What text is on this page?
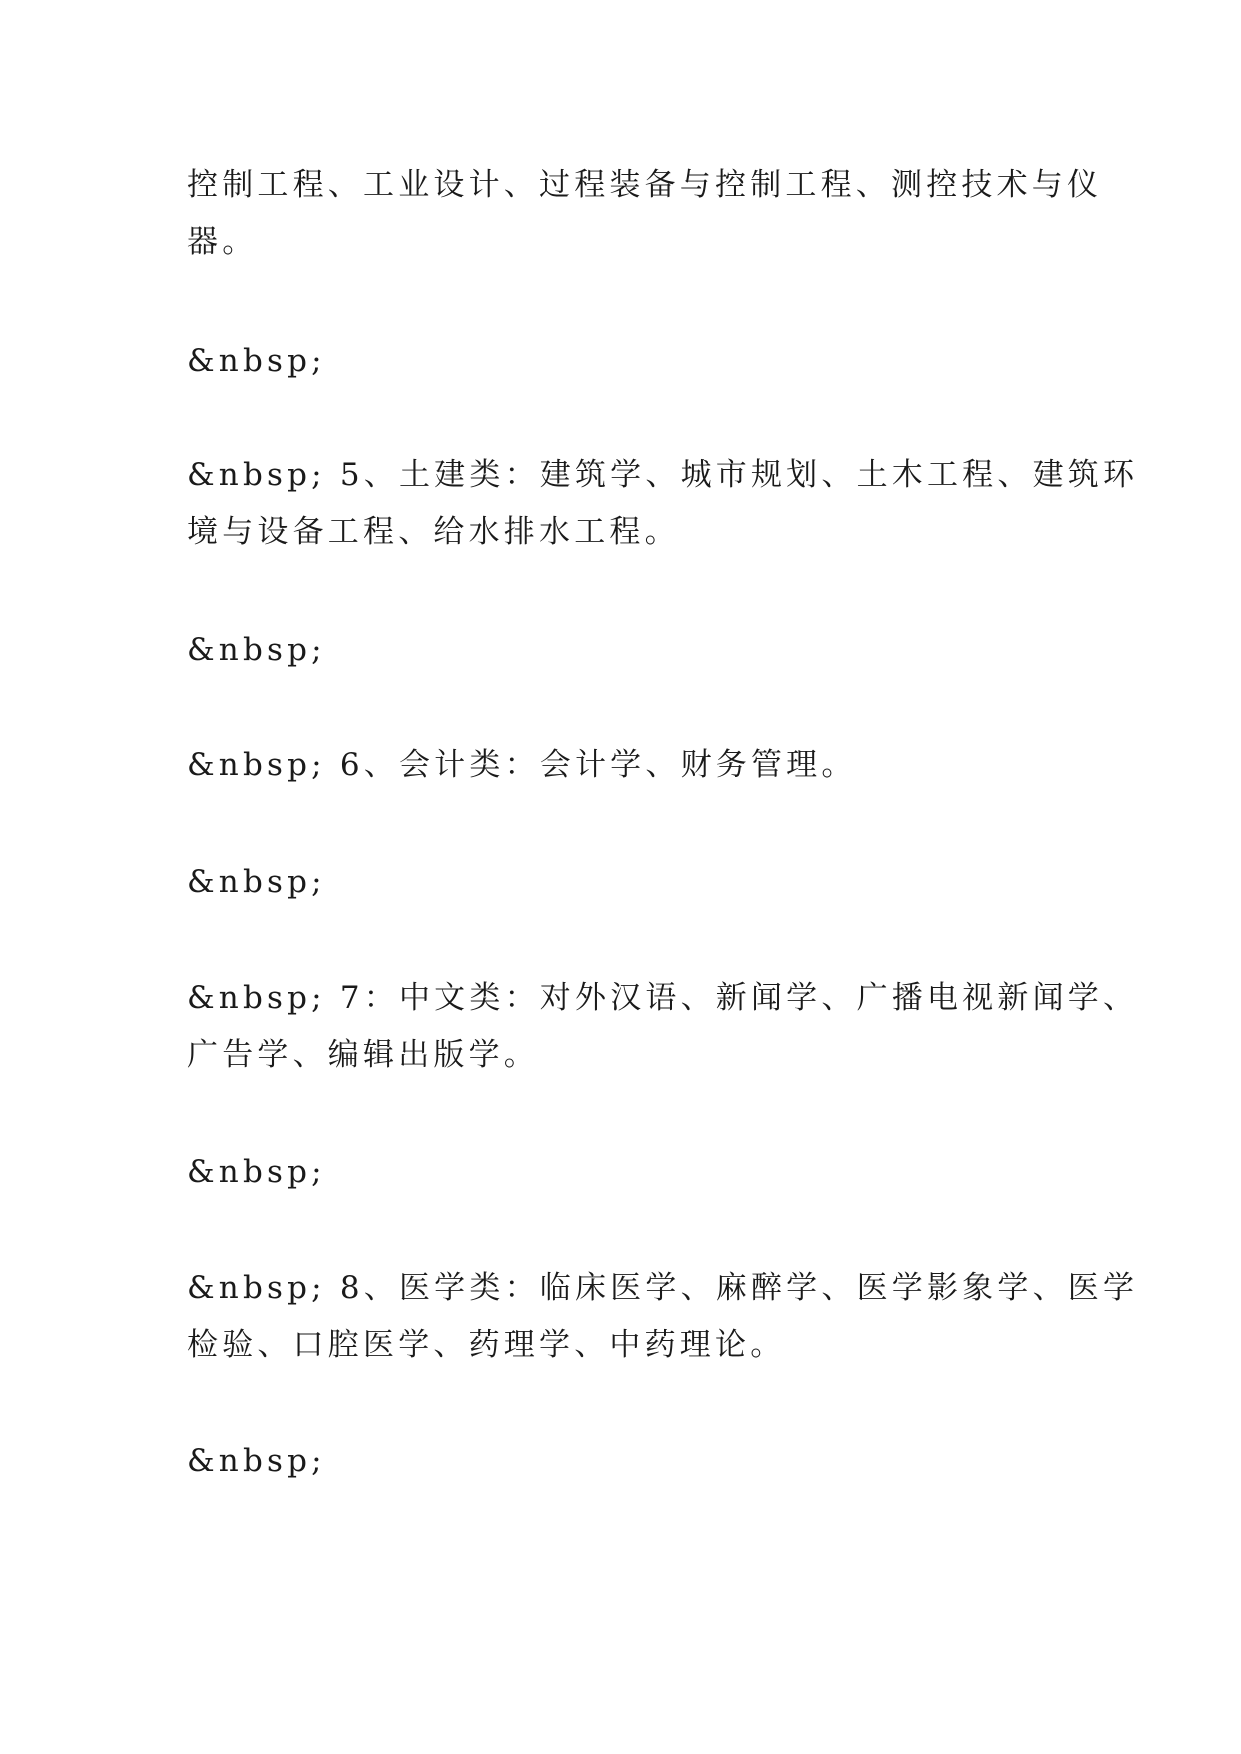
控制工程、工业设计、过程装备与控制工程、测控技术与仪
器。
&nbsp;
&nbsp; 5、土建类：建筑学、城市规划、土木工程、建筑环
境与设备工程、给水排水工程。
&nbsp;
&nbsp; 6、会计类：会计学、财务管理。
&nbsp;
&nbsp; 7：中文类：对外汉语、新闻学、广播电视新闻学、
广告学、编辑出版学。
&nbsp;
&nbsp; 8、医学类：临床医学、麻醉学、医学影象学、医学
检验、口腔医学、药理学、中药理论。
&nbsp;
